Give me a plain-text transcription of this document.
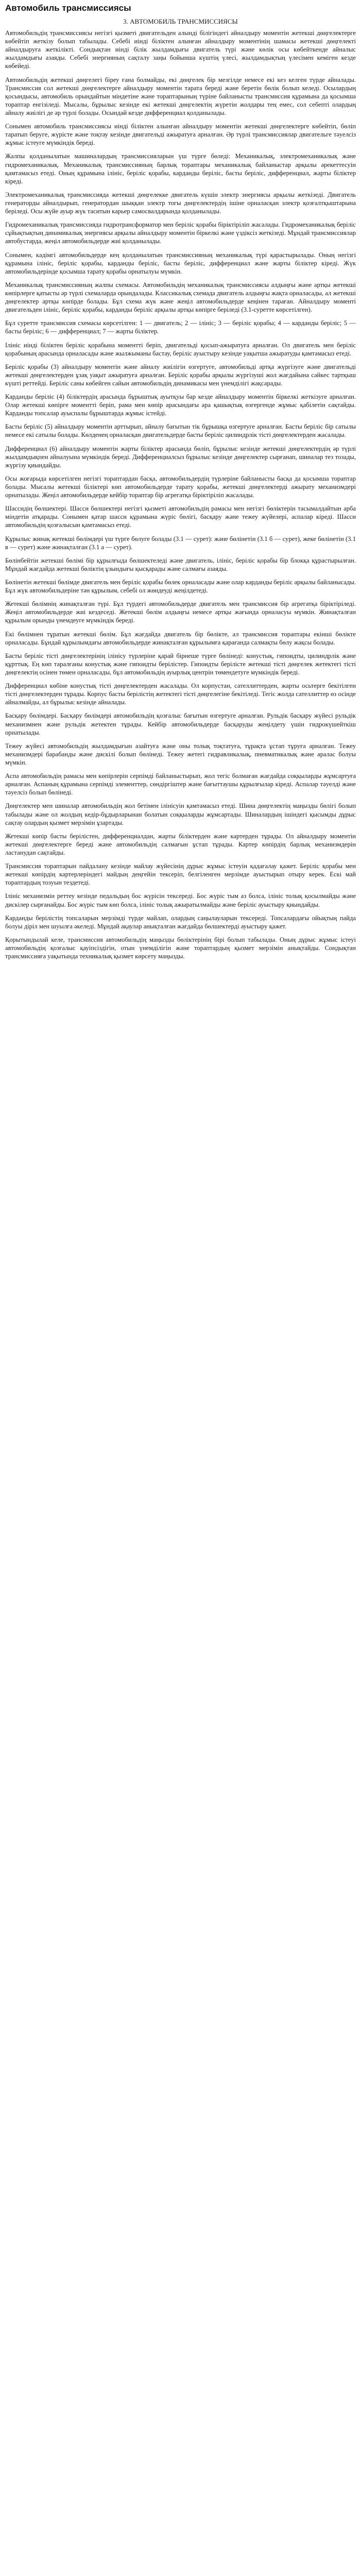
Автомобиль трансмиссиясы
3. АВТОМОБИЛЬ ТРАНСМИССИЯСЫ

Автомобильдің трансмиссиясы негізгі қызметі двигательден алынді білігіндегі айналдыру моментін жетекші дөңгелектерге көбейтіп жеткізу болып табылады. Себебі иінді біліктен алынған айналдыру моментінің шамасы жетекші дөңгелекті айналдыруға жеткілікті. Сондықтан иінді білік жылдамдығы двигатель түрі және көлік осы көбейткенде айналыс жылдамдығы азаяды. Себебі энергияның сақталу заңы бойынша күштің үлесі, жылдамдықтың үлесімен кеміген кезде көбейеді.

Автомобильдің жетекші дөңгелегі біреу ғана болмайды, екі дөңгелек бір мезгілде немесе екі кез келген түрде айналады. Трансмиссия сол жетекші дөңгелектерге айналдыру моментін тарата береді және беретін бөлік болып келеді. Осылардың қосындысы, автомобиль орындайтын міндетіне және тораптарының түріне байланысты трансмиссия құрамына да қосымша тораптар енгізіледі. Мысалы, бұрылыс кезінде екі жетекші дөңгелектің жүретін жолдары тең емес, сол себепті олардың айналу жиілігі де әр түрлі болады. Осындай кезде дифференциал қолданылады.

Сонымен автомобиль трансмиссиясы иінді біліктен алынған айналдыру моментін жетекші дөңгелектерге көбейтіп, бөліп таратып беруге, жүрісте және тоқтау кезінде двигательді ажыратуға арналған. Әр түрлі трансмиссиялар двигательге тәуелсіз жұмыс істеуге мүмкіндік береді.

Жалпы қолданылатын машиналардың трансмиссияларын үш түрге бөледі: Механикалық, электромеханикалық және гидромеханикалық. Механикалық трансмиссияның барлық тораптары механикалық байланыстар арқылы әрекеттесуін қамтамасыз етеді. Оның құрамына ілініс, беріліс қорабы, карданды беріліс, басты беріліс, дифференциал, жарты біліктер кіреді.

Электромеханикалық трансмиссияда жетекші дөңгелекке двигатель күшін электр энергиясы арқылы жеткізеді. Двигатель генераторды айналдырып, генератордан шыққан электр тогы дөңгелектердің ішіне орналасқан электр қозғалтқыштарына беріледі. Осы жүйе ауыр жүк таситын карьер самосвалдарында қолданылады.

Гидромеханикалық трансмиссияда гидротрансформатор мен беріліс қорабы біріктіріліп жасалады. Гидромеханикалық беріліс сұйықтықтың динамикалық энергиясы арқылы айналдыру моментін біркелкі және үздіксіз жеткізеді. Мұндай трансмиссиялар автобустарда, жеңіл автомобильдерде жиі қолданылады.

Сонымен, кәдімгі автомобильдерде кең қолданылатын трансмиссияның механикалық түрі қарастырылады. Оның негізгі құрамына ілініс, беріліс қорабы, карданды беріліс, басты беріліс, дифференциал және жарты біліктер кіреді. Жүк автомобильдерінде қосымша тарату қорабы орнатылуы мүмкін.

Механикалық трансмиссияның жалпы схемасы. Автомобильдің механикалық трансмиссиясы алдыңғы және артқы жетекші көпірлерге қатысты әр түрлі схемаларда орындалады. Классикалық схемада двигатель алдыңғы жақта орналасады, ал жетекші дөңгелектер артқы көпірде болады. Бұл схема жүк және жеңіл автомобильдерде кеңінен тараған. Айналдыру моменті двигательден ілініс, беріліс қорабы, карданды беріліс арқылы артқы көпірге беріледі (3.1-суретте көрсетілген).

Бұл суретте трансмиссия схемасы көрсетілген: 1 — двигатель; 2 — ілініс; 3 — беріліс қорабы; 4 — карданды беріліс; 5 — басты беріліс; 6 — дифференциал; 7 — жарты біліктер.

Ілініс иінді біліктен беріліс қорабына моментті беріп, двигательді қосып-ажыратуға арналған. Ол двигатель мен беріліс қорабының арасында орналасады және жылжыманы бастау, беріліс ауыстыру кезінде уақытша ажыратуды қамтамасыз етеді.

Беріліс қорабы (3) айналдыру моментін және айналу жиілігін өзгертуге, автомобильді артқа жүргізуге және двигательді жетекші дөңгелектерден ұзақ уақыт ажыратуға арналған. Беріліс қорабы арқылы жүргізуші жол жағдайына сәйкес тартқыш күшті реттейді. Беріліс саны көбейген сайын автомобильдің динамикасы мен үнемділігі жақсарады.

Карданды беріліс (4) біліктердің арасында бұрыштық ауытқуы бар кезде айналдыру моментін біркелкі жеткізуге арналған. Олар жетекші көпірге моментті беріп, рама мен көпір арасындағы ара қашықтық өзгергенде жұмыс қабілетін сақтайды. Карданды топсалар ауыспалы бұрыштарда жұмыс істейді.

Басты беріліс (5) айналдыру моментін арттырып, айналу бағытын тік бұрышқа өзгертуге арналған. Басты беріліс бір сатылы немесе екі сатылы болады. Көлденең орналасқан двигательдерде басты беріліс цилиндрлік тісті дөңгелектерден жасалады.

Дифференциал (6) айналдыру моментін жарты біліктер арасында бөліп, бұрылыс кезінде жетекші дөңгелектердің әр түрлі жылдамдықпен айналуына мүмкіндік береді. Дифференциалсыз бұрылыс кезінде дөңгелектер сырғанап, шиналар тез тозады, жүргізу қиындайды.

Осы жоғарыда көрсетілген негізгі тораптардан басқа, автомобильдердің түрлеріне байланысты басқа да қосымша тораптар болады. Мысалы жетекші біліктері көп автомобильдерде тарату қорабы, жетекші дөңгелектерді ажырату механизмдері орнатылады. Жеңіл автомобильдерде кейбір тораптар бір агрегатқа біріктіріліп жасалады.

Шассидің бөлшектері. Шасси бөлшектері негізгі қызметі автомобильдің рамасы мен негізгі бөліктерін тасымалдайтын арба міндетін атқарады. Сонымен қатар шасси құрамына жүріс бөлігі, басқару және тежеу жүйелері, аспалар кіреді. Шасси автомобильдің қозғалысын қамтамасыз етеді.

Құрылыс жинақ жетекші бөлімдері үш түрге бөлуге болады (3.1 — сурет): және бөлінетін (3.1 б — сурет), жеке бөлінетін (3.1 в — сурет) және жинақталған (3.1 а — сурет).

Бөлінбейтін жетекші бөлімі бір құрылғыда бөлшектеледі және двигатель, ілініс, беріліс қорабы бір блокқа құрастырылған. Мұндай жағдайда жетекші бөліктің ұзындығы қысқарады және салмағы азаяды.

Бөлінетін жетекші бөлімде двигатель мен беріліс қорабы бөлек орналасады және олар карданды беріліс арқылы байланысады. Бұл жүк автомобильдеріне тән құрылым, себебі ол жөндеуді жеңілдетеді.

Жетекші бөлімнің жинақталған түрі. Бұл түрдегі автомобильдерде двигатель мен трансмиссия бір агрегатқа біріктіріледі. Жеңіл автомобильдерде жиі кездеседі. Жетекші бөлім алдыңғы немесе артқы жағында орналасуы мүмкін. Жинақталған құрылым орынды үнемдеуге мүмкіндік береді.

Екі бөлімнен тұратын жетекші бөлім. Бұл жағдайда двигатель бір бөлікте, ал трансмиссия тораптары екінші бөлікте орналасады. Бұндай құрылымдағы автомобильдерде жинақталған құрылымға қарағанда салмақты бөлу жақсы болады.

Басты беріліс тісті дөңгелектерінің ілінісу түрлеріне қарай бірнеше түрге бөлінеді: конустық, гипоидты, цилиндрлік және құрттық. Ең көп таралғаны конустық және гипоидты берілістер. Гипоидты берілісте жетекші тісті дөңгелек жетектегі тісті дөңгелектің осінен төмен орналасады, бұл автомобильдің ауырлық центрін төмендетуге мүмкіндік береді.

Дифференциал көбіне конустық тісті дөңгелектерден жасалады. Ол корпустан, сателлиттерден, жарты осьтерге бекітілген тісті дөңгелектерден тұрады. Корпус басты берілістің жетектегі тісті дөңгелегіне бекітіледі. Тегіс жолда сателлиттер өз осінде айналмайды, ал бұрылыс кезінде айналады.

Басқару бөлімдері. Басқару бөлімдері автомобильдің қозғалыс бағытын өзгертуге арналған. Рульдік басқару жүйесі рульдік механизмнен және рульдік жетектен тұрады. Кейбір автомобильдерде басқаруды жеңілдету үшін гидрокүшейткіш орнатылады.

Тежеу жүйесі автомобильдің жылдамдығын азайтуға және оны толық тоқтатуға, тұрақта ұстап тұруға арналған. Тежеу механизмдері барабанды және дискілі болып бөлінеді. Тежеу жетегі гидравликалық, пневматикалық және аралас болуы мүмкін.

Аспа автомобильдің рамасы мен көпірлерін серпімді байланыстырып, жол тегіс болмаған жағдайда соққыларды жұмсартуға арналған. Аспаның құрамына серпімді элементтер, сөндіргіштер және бағыттаушы құрылғылар кіреді. Аспалар тәуелді және тәуелсіз болып бөлінеді.

Дөңгелектер мен шиналар автомобильдің жол бетімен ілінісуін қамтамасыз етеді. Шина дөңгелектің маңызды бөлігі болып табылады және ол жолдың кедір-бұдырларынан болатын соққыларды жұмсартады. Шиналардың ішіндегі қысымды дұрыс сақтау олардың қызмет мерзімін ұзартады.

Жетекші көпір басты берілістен, дифференциалдан, жарты біліктерден және картерден тұрады. Ол айналдыру моментін жетекші дөңгелектерге береді және автомобильдің салмағын ұстап тұрады. Картер көпірдің барлық механизмдерін ластанудан сақтайды.

Трансмиссия тораптарын пайдалану кезінде майлау жүйесінің дұрыс жұмыс істеуін қадағалау қажет. Беріліс қорабы мен жетекші көпірдің картерлеріндегі майдың деңгейін тексеріп, белгіленген мерзімде ауыстырып отыру керек. Ескі май тораптардың тозуын тездетеді.

Ілініс механизмін реттеу кезінде педальдың бос жүрісін тексереді. Бос жүріс тым аз болса, ілініс толық қосылмайды және дискілер сырғанайды. Бос жүріс тым көп болса, ілініс толық ажыратылмайды және беріліс ауыстыру қиындайды.

Карданды берілістің топсаларын мерзімді түрде майлап, олардың саңылауларын тексереді. Топсалардағы ойықтың пайда болуы діріл мен шуылға әкеледі. Мұндай ақаулар анықталған жағдайда бөлшектерді ауыстыру қажет.

Қорытындылай келе, трансмиссия автомобильдің маңызды бөліктерінің бірі болып табылады. Оның дұрыс жұмыс істеуі автомобильдің қозғалыс қауіпсіздігін, отын үнемділігін және тораптардың қызмет мерзімін анықтайды. Сондықтан трансмиссияға уақытында техникалық қызмет көрсету маңызды.
